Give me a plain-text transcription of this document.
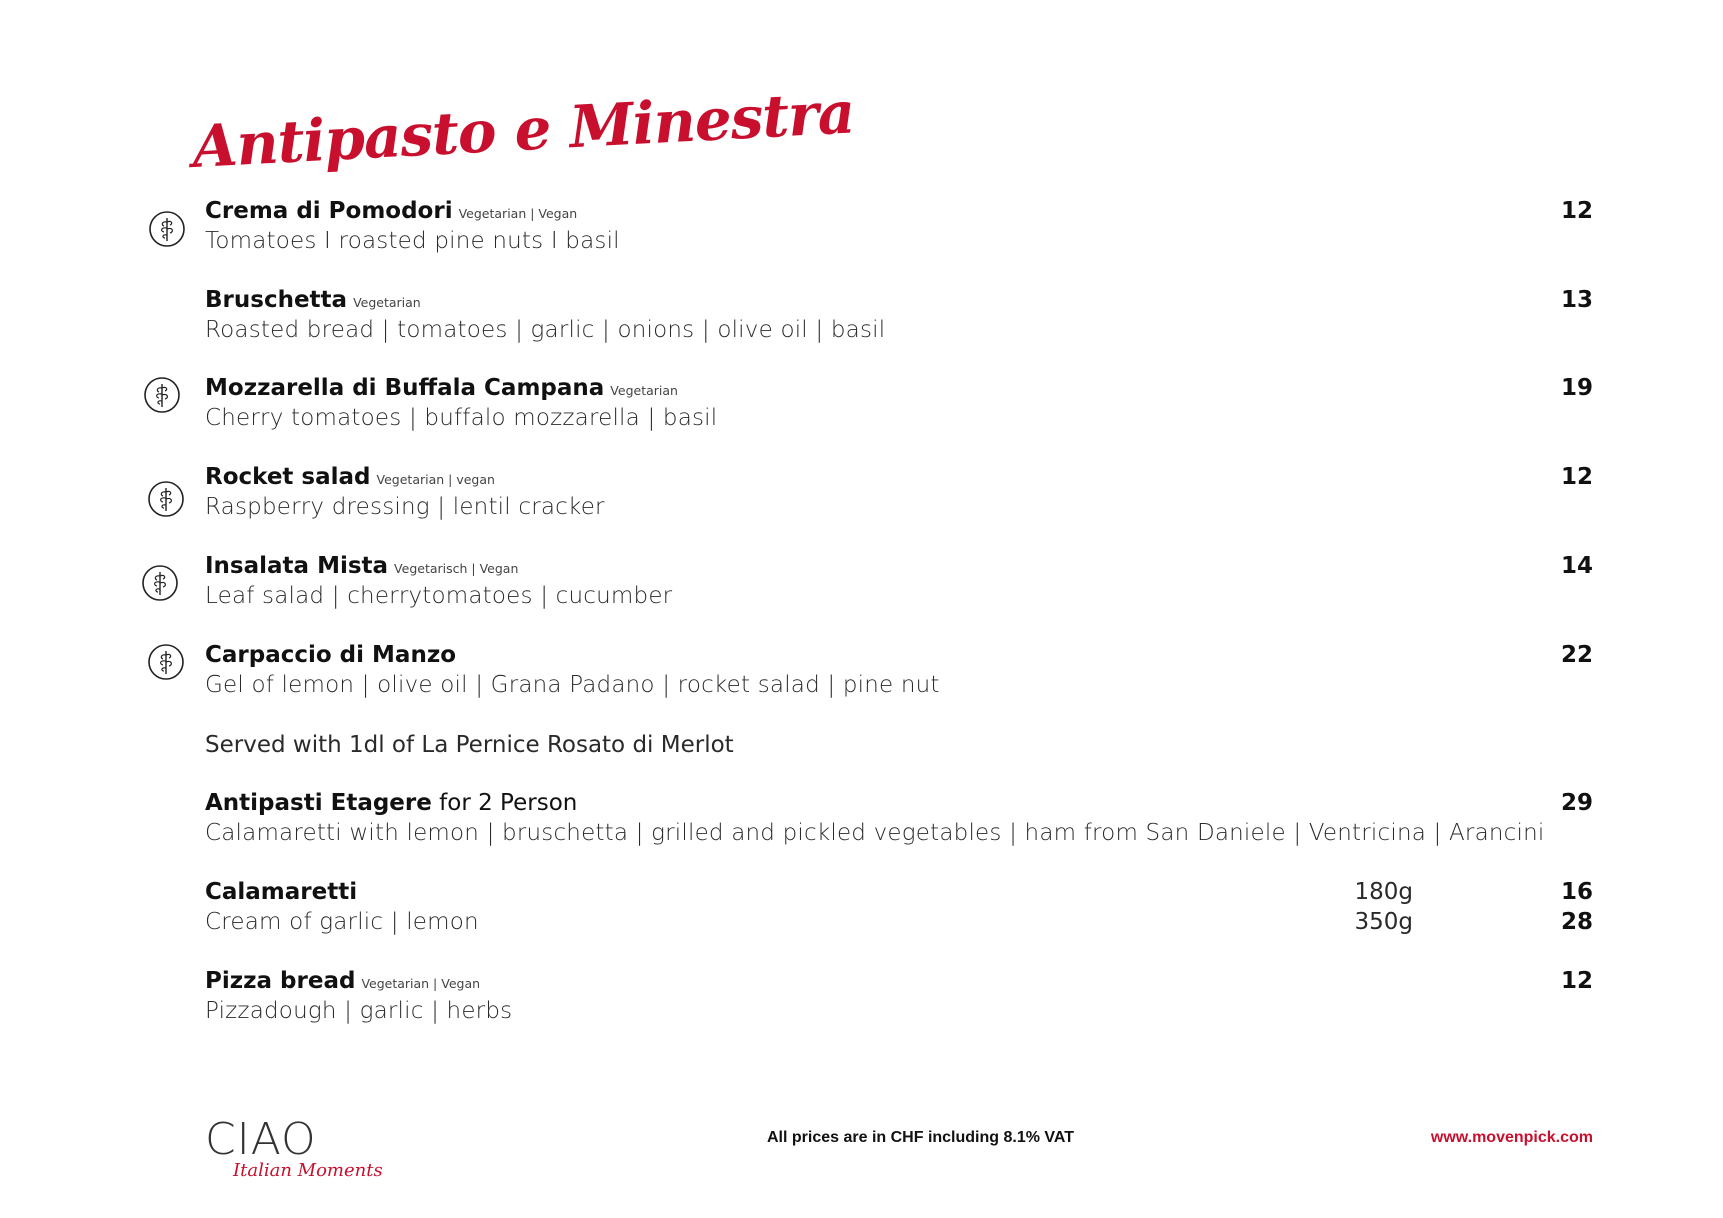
Antipasto e Minestra
Crema di Pomodori Vegetarian | Vegan	12
Tomatoes I roasted pine nuts I basil
Bruschetta Vegetarian	13
Roasted bread | tomatoes | garlic | onions | olive oil | basil
Mozzarella di Buffala Campana Vegetarian	19
Cherry tomatoes | buffalo mozzarella | basil
Rocket salad Vegetarian | vegan	12
Raspberry dressing | lentil cracker
Insalata Mista Vegetarisch | Vegan	14
Leaf salad | cherrytomatoes | cucumber
Carpaccio di Manzo	22
Gel of lemon | olive oil | Grana Padano | rocket salad | pine nut
Served with 1dl of La Pernice Rosato di Merlot
Antipasti Etagere for 2 Person	29
Calamaretti with lemon | bruschetta | grilled and pickled vegetables | ham from San Daniele | Ventricina | Arancini
Calamaretti	180g	16
Cream of garlic | lemon	350g	28
Pizza bread Vegetarian | Vegan	12
Pizzadough | garlic | herbs
CIAO
Italian Moments
All prices are in CHF including 8.1% VAT	www.movenpick.com
